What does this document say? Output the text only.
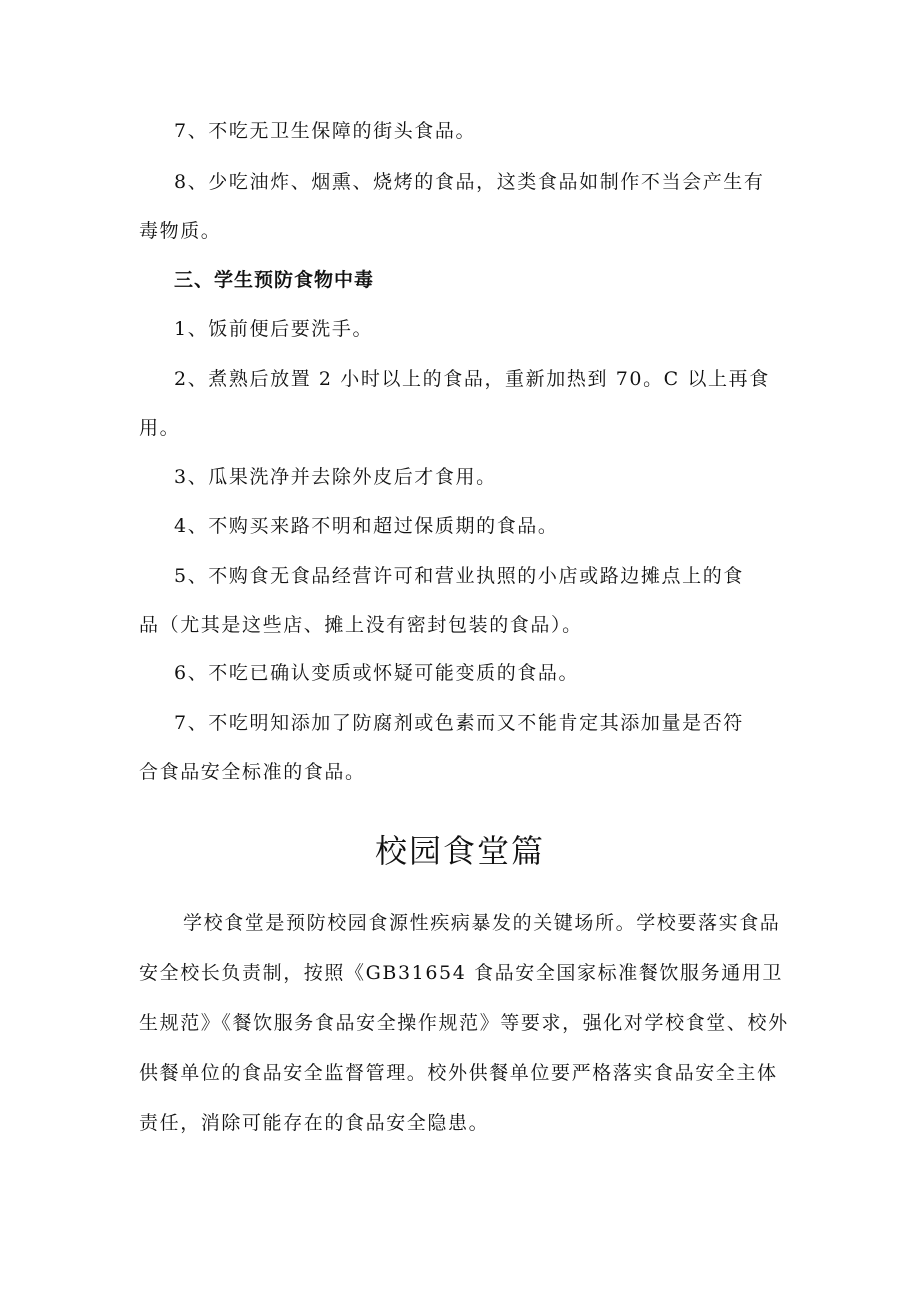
7、不吃无卫生保障的街头食品。
8、少吃油炸、烟熏、烧烤的食品，这类食品如制作不当会产生有
毒物质。
三、学生预防食物中毒
1、饭前便后要洗手。
2、煮熟后放置 2 小时以上的食品，重新加热到 70。C 以上再食
用。
3、瓜果洗净并去除外皮后才食用。
4、不购买来路不明和超过保质期的食品。
5、不购食无食品经营许可和营业执照的小店或路边摊点上的食
品（尤其是这些店、摊上没有密封包装的食品）。
6、不吃已确认变质或怀疑可能变质的食品。
7、不吃明知添加了防腐剂或色素而又不能肯定其添加量是否符
合食品安全标准的食品。
校园食堂篇

学校食堂是预防校园食源性疾病暴发的关键场所。学校要落实食品安全校长负责制，按照《GB31654 食品安全国家标准餐饮服务通用卫生规范》《餐饮服务食品安全操作规范》等要求，强化对学校食堂、校外供餐单位的食品安全监督管理。校外供餐单位要严格落实食品安全主体责任，消除可能存在的食品安全隐患。
